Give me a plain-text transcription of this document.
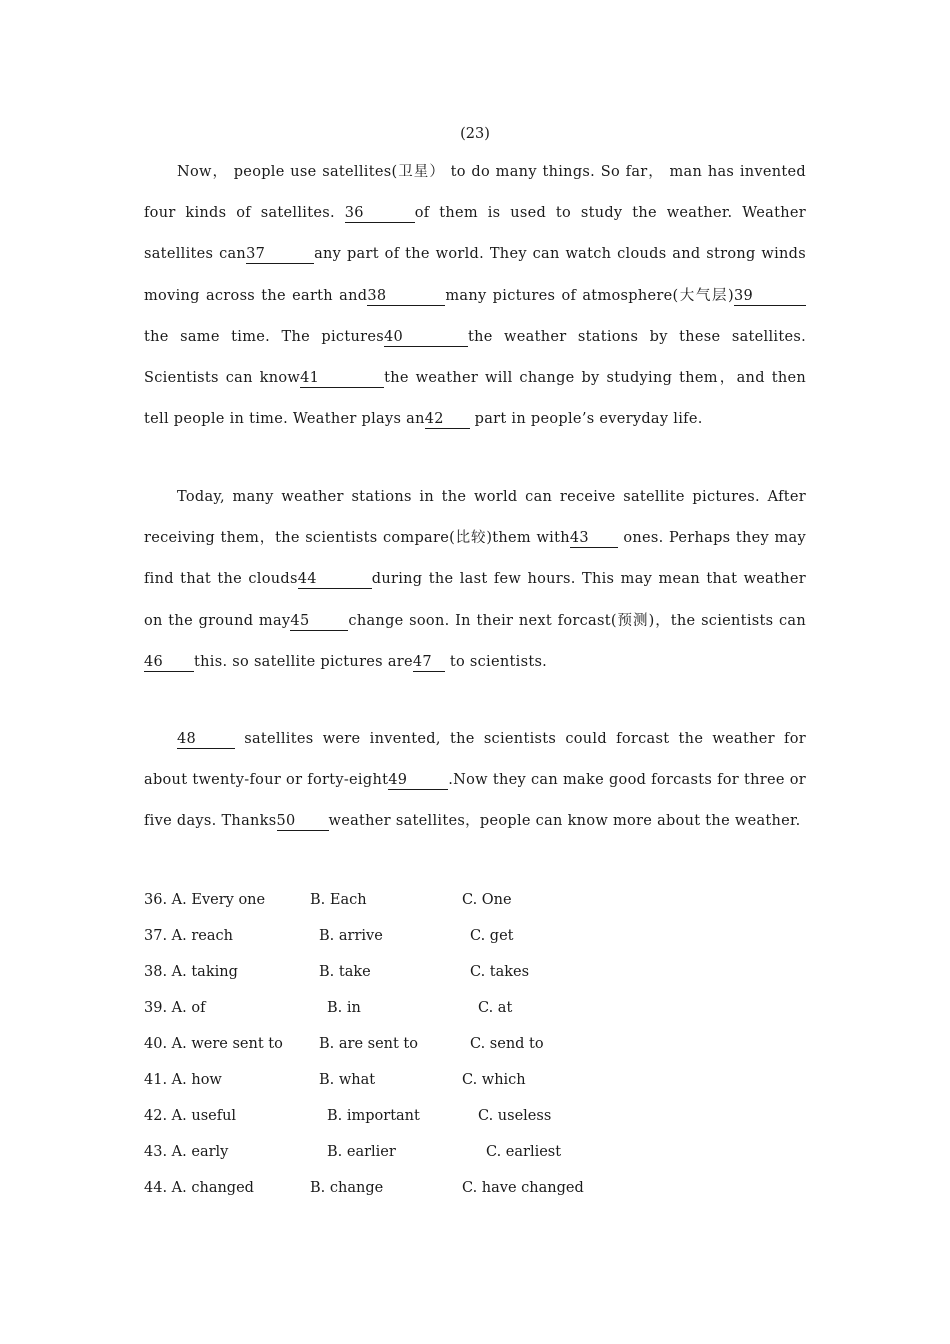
(23)
Now， people use satellites(卫星） to do many things. So far， man has invented four kinds of satellites. 36	of them is used to study the weather. Weather satellites can37	any part of the world. They can watch clouds and strong winds moving across the earth and38	many pictures of atmosphere(大气层)39the same time. The pictures40	the weather stations by these satellites. Scientists can know41	the weather will change by studying them，and then tell people in time. Weather plays an42 part in people’s everyday life.
Today, many weather stations in the world can receive satellite pictures. After receiving them，the scientists compare(比较)them with43 ones. Perhaps they may find that the clouds44	during the last few hours. This may mean that weather on the ground may45	change soon. In their next forcast(预测)，the scientists can46 this. so satellite pictures are47 to scientists.
48	satellites were invented, the scientists could forcast the weather for about twenty-four or forty-eight49	.Now they can make good forcasts for three or five days. Thanks50 weather satellites，people can know more about the weather.
36. A. Every one	B. Each	C. One
37. A. reach	B. arrive	C. get
38. A. taking	B. take	C. takes
39. A. of	B. in	C. at
40. A. were sent to B. are sent to	C. send to
41. A. how	B. what	C. which
42. A. useful	B. important	C. useless
43. A. early	B. earlier	C. earliest
44. A. changed	B. change	C. have changed
